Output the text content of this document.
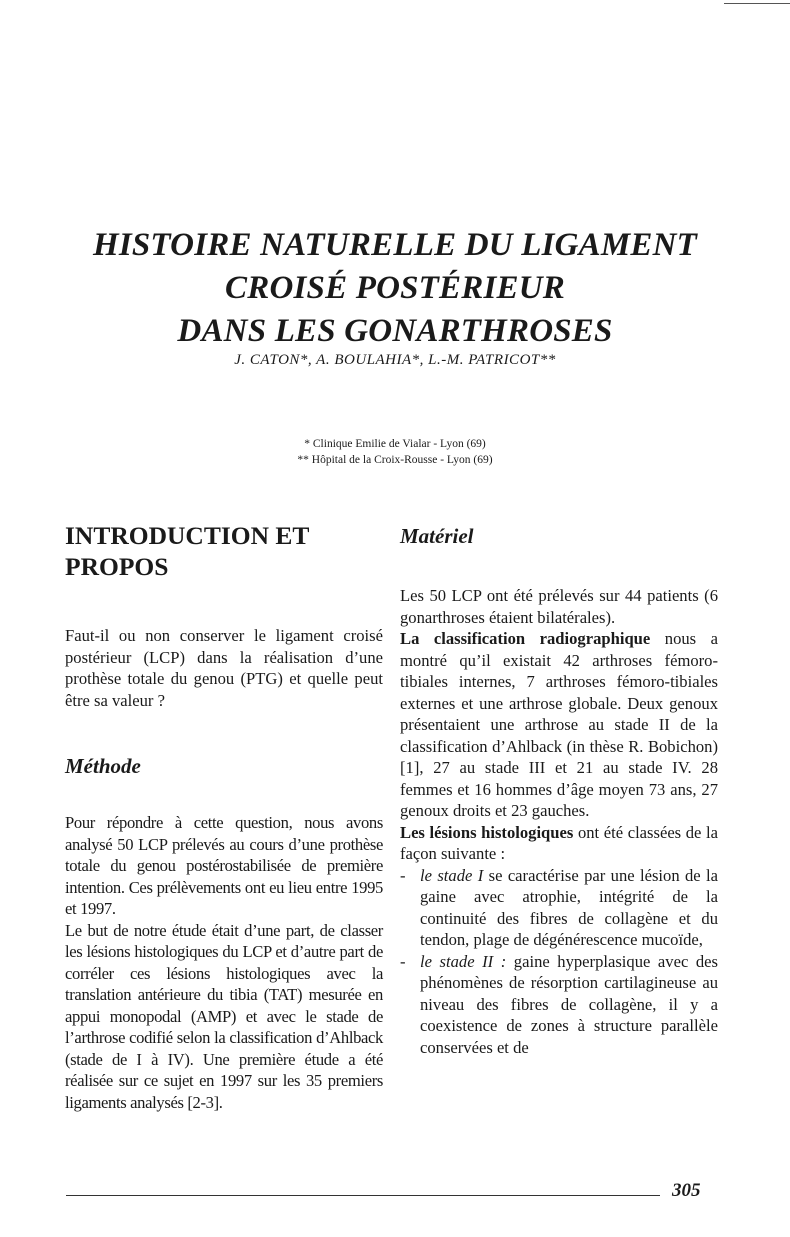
HISTOIRE NATURELLE DU LIGAMENT
CROISÉ POSTÉRIEUR
DANS LES GONARTHROSES
J. CATON*, A. BOULAHIA*, L.-M. PATRICOT**
* Clinique Emilie de Vialar - Lyon (69)
** Hôpital de la Croix-Rousse - Lyon (69)
INTRODUCTION ET PROPOS

Faut-il ou non conserver le ligament croisé postérieur (LCP) dans la réalisation d’une prothèse totale du genou (PTG) et quelle peut être sa valeur ?

Méthode

Pour répondre à cette question, nous avons analysé 50 LCP prélevés au cours d’une prothèse totale du genou postérostabilisée de première intention. Ces prélèvements ont eu lieu entre 1995 et 1997.

Le but de notre étude était d’une part, de classer les lésions histologiques du LCP et d’autre part de corréler ces lésions histologiques avec la translation antérieure du tibia (TAT) mesurée en appui monopodal (AMP) et avec le stade de l’arthrose codifié selon la classification d’Ahlback (stade de I à IV). Une première étude a été réalisée sur ce sujet en 1997 sur les 35 premiers ligaments analysés [2-3].

Matériel

Les 50 LCP ont été prélevés sur 44 patients (6 gonarthroses étaient bilatérales).

La classification radiographique nous a montré qu’il existait 42 arthroses fémoro-tibiales internes, 7 arthroses fémoro-tibiales externes et une arthrose globale. Deux genoux présentaient une arthrose au stade II de la classification d’Ahlback (in thèse R. Bobichon) [1], 27 au stade III et 21 au stade IV. 28 femmes et 16 hommes d’âge moyen 73 ans, 27 genoux droits et 23 gauches.

Les lésions histologiques ont été classées de la façon suivante :

- le stade I se caractérise par une lésion de la gaine avec atrophie, intégrité de la continuité des fibres de collagène et du tendon, plage de dégénérescence mucoïde,
- le stade II : gaine hyperplasique avec des phénomènes de résorption cartilagineuse au niveau des fibres de collagène, il y a coexistence de zones à structure parallèle conservées et de
305
